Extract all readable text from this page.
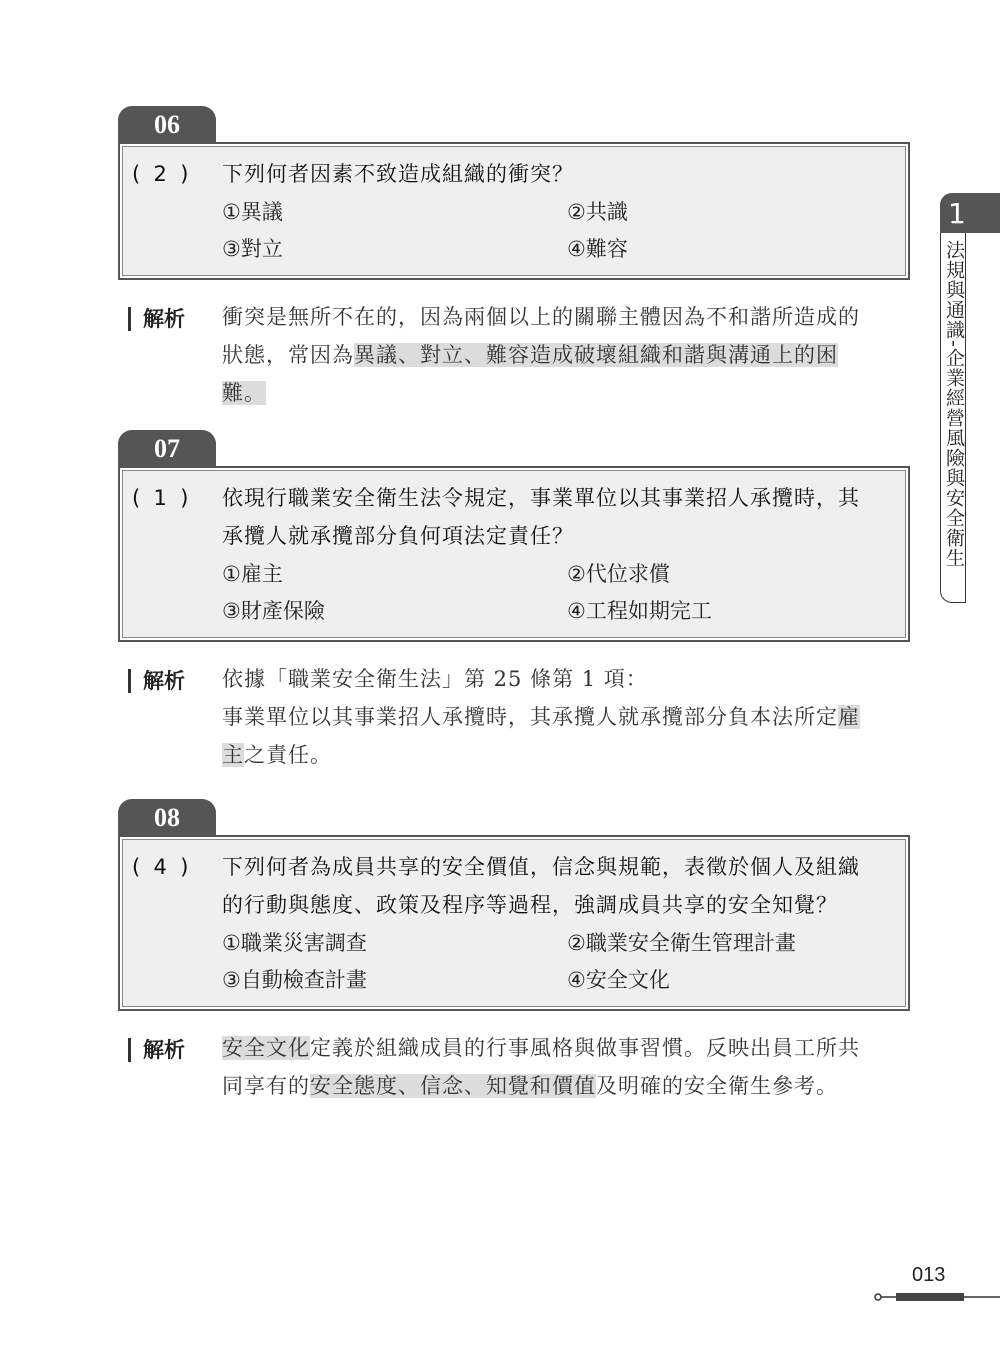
06
(  2  )	下列何者因素不致造成組織的衝突？
①異議	②共識
③對立	④難容
解析 衝突是無所不在的，因為兩個以上的關聯主體因為不和諧所造成的
狀態，常因為異議、對立、難容造成破壞組織和諧與溝通上的困
難。
07
(  1  )	依現行職業安全衛生法令規定，事業單位以其事業招人承攬時，其
承攬人就承攬部分負何項法定責任？
①雇主	②代位求償
③財產保險	④工程如期完工
解析 依據「職業安全衛生法」第 25 條第 1 項：
事業單位以其事業招人承攬時，其承攬人就承攬部分負本法所定雇
主之責任。
08
(  4  )	下列何者為成員共享的安全價值，信念與規範，表徵於個人及組織
的行動與態度、政策及程序等過程，強調成員共享的安全知覺？
①職業災害調查	②職業安全衛生管理計畫
③自動檢查計畫	④安全文化
解析 安全文化定義於組織成員的行事風格與做事習慣。反映出員工所共
同享有的安全態度、信念、知覺和價值及明確的安全衛生參考。
1
法規與通識-企業經營風險與安全衛生
013
